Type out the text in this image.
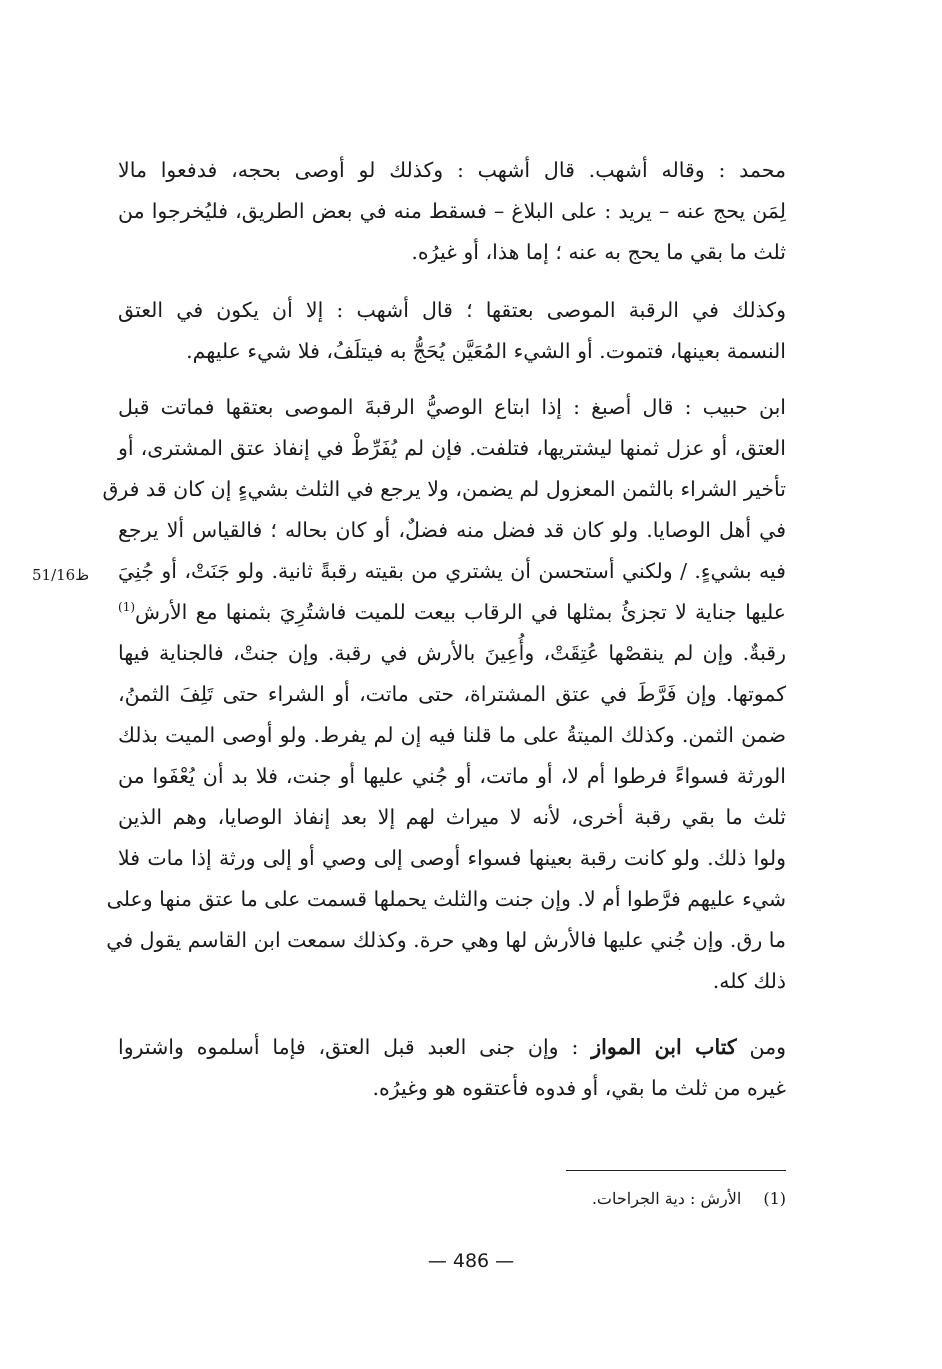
محمد : وقاله أشهب. قال أشهب : وكذلك لو أوصى بحجه، فدفعوا مالا
لِمَن يحج عنه – يريد : على البلاغ – فسقط منه في بعض الطريق، فليُخرجوا من
ثلث ما بقي ما يحج به عنه ؛ إما هذا، أو غيرُه.
وكذلك في الرقبة الموصى بعتقها ؛ قال أشهب : إلا أن يكون في العتق
النسمة بعينها، فتموت. أو الشيء المُعَيَّن يُحَجُّ به فيتلَفُ، فلا شيء عليهم.
ابن حبيب : قال أصبغ : إذا ابتاع الوصيُّ الرقبةَ الموصى بعتقها فماتت قبل
العتق، أو عزل ثمنها ليشتريها، فتلفت. فإن لم يُفَرِّطْ في إنفاذ عتق المشترى، أو
تأخير الشراء بالثمن المعزول لم يضمن، ولا يرجع في الثلث بشيءٍ إن كان قد فرق
في أهل الوصايا. ولو كان قد فضل منه فضلٌ، أو كان بحاله ؛ فالقياس ألا يرجع
فيه بشيءٍ. / ولكني أستحسن أن يشتري من بقيته رقبةً ثانية. ولو جَنَتْ، أو جُنِيَ
عليها جناية لا تجزئُ بمثلها في الرقاب بيعت للميت فاشتُرِيَ بثمنها مع الأرش$^{(1)}$
رقبةٌ. وإن لم ينقصْها عُتِقَتْ، وأُعِينَ بالأرش في رقبة. وإن جنتْ، فالجناية فيها
كموتها. وإن فَرَّطَ في عتق المشتراة، حتى ماتت، أو الشراء حتى تَلِفَ الثمنُ،
ضمن الثمن. وكذلك الميتةُ على ما قلنا فيه إن لم يفرط. ولو أوصى الميت بذلك
الورثة فسواءً فرطوا أم لا، أو ماتت، أو جُني عليها أو جنت، فلا بد أن يُعْفَوا من
ثلث ما بقي رقبة أخرى، لأنه لا ميراث لهم إلا بعد إنفاذ الوصايا، وهم الذين
ولوا ذلك. ولو كانت رقبة بعينها فسواء أوصى إلى وصي أو إلى ورثة إذا مات فلا
شيء عليهم فرَّطوا أم لا. وإن جنت والثلث يحملها قسمت على ما عتق منها وعلى
ما رق. وإن جُني عليها فالأرش لها وهي حرة. وكذلك سمعت ابن القاسم يقول في
ذلك كله.
ومن كتاب ابن المواز : وإن جنى العبد قبل العتق، فإما أسلموه واشتروا
غيره من ثلث ما بقي، أو فدوه فأعتقوه هو وغيرُه.
51/16ظ
(1)الأرش : دية الجراحات.
— 486 —
